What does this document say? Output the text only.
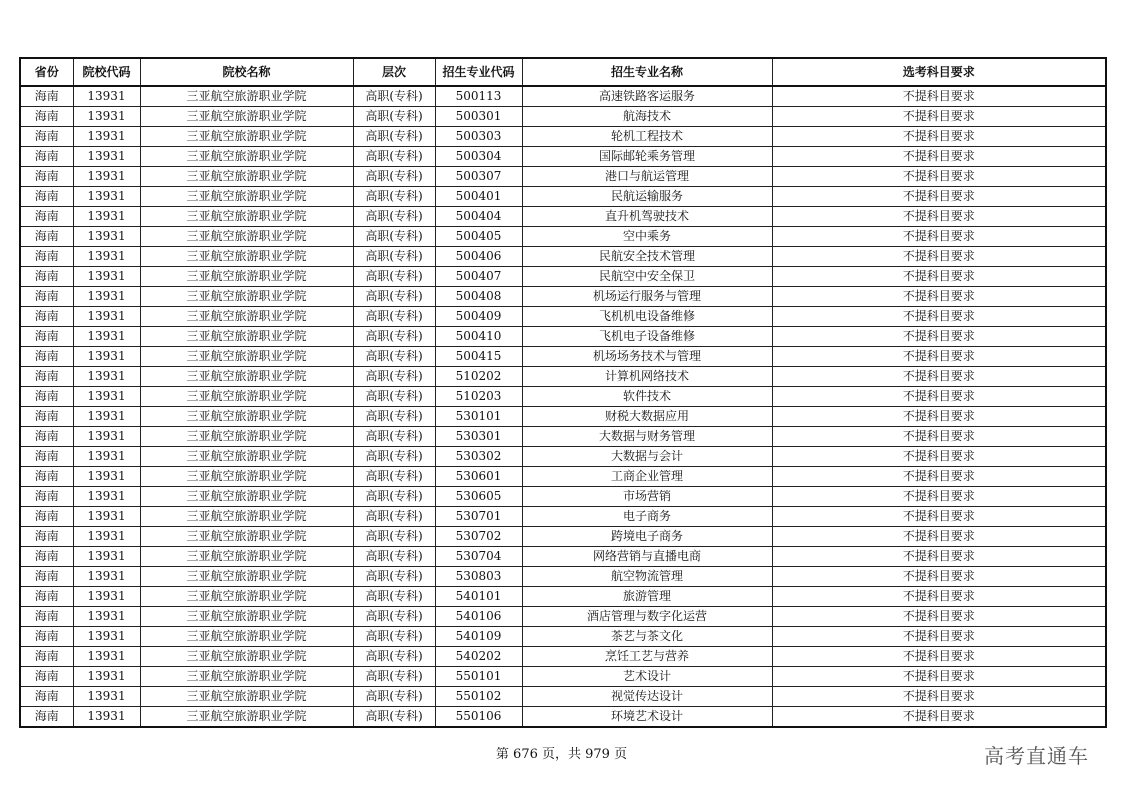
省份	院校代码	院校名称	层次	招生专业代码	招生专业名称	选考科目要求
海南	13931	三亚航空旅游职业学院	高职(专科)	500113	高速铁路客运服务	不提科目要求
海南	13931	三亚航空旅游职业学院	高职(专科)	500301	航海技术	不提科目要求
海南	13931	三亚航空旅游职业学院	高职(专科)	500303	轮机工程技术	不提科目要求
海南	13931	三亚航空旅游职业学院	高职(专科)	500304	国际邮轮乘务管理	不提科目要求
海南	13931	三亚航空旅游职业学院	高职(专科)	500307	港口与航运管理	不提科目要求
海南	13931	三亚航空旅游职业学院	高职(专科)	500401	民航运输服务	不提科目要求
海南	13931	三亚航空旅游职业学院	高职(专科)	500404	直升机驾驶技术	不提科目要求
海南	13931	三亚航空旅游职业学院	高职(专科)	500405	空中乘务	不提科目要求
海南	13931	三亚航空旅游职业学院	高职(专科)	500406	民航安全技术管理	不提科目要求
海南	13931	三亚航空旅游职业学院	高职(专科)	500407	民航空中安全保卫	不提科目要求
海南	13931	三亚航空旅游职业学院	高职(专科)	500408	机场运行服务与管理	不提科目要求
海南	13931	三亚航空旅游职业学院	高职(专科)	500409	飞机机电设备维修	不提科目要求
海南	13931	三亚航空旅游职业学院	高职(专科)	500410	飞机电子设备维修	不提科目要求
海南	13931	三亚航空旅游职业学院	高职(专科)	500415	机场场务技术与管理	不提科目要求
海南	13931	三亚航空旅游职业学院	高职(专科)	510202	计算机网络技术	不提科目要求
海南	13931	三亚航空旅游职业学院	高职(专科)	510203	软件技术	不提科目要求
海南	13931	三亚航空旅游职业学院	高职(专科)	530101	财税大数据应用	不提科目要求
海南	13931	三亚航空旅游职业学院	高职(专科)	530301	大数据与财务管理	不提科目要求
海南	13931	三亚航空旅游职业学院	高职(专科)	530302	大数据与会计	不提科目要求
海南	13931	三亚航空旅游职业学院	高职(专科)	530601	工商企业管理	不提科目要求
海南	13931	三亚航空旅游职业学院	高职(专科)	530605	市场营销	不提科目要求
海南	13931	三亚航空旅游职业学院	高职(专科)	530701	电子商务	不提科目要求
海南	13931	三亚航空旅游职业学院	高职(专科)	530702	跨境电子商务	不提科目要求
海南	13931	三亚航空旅游职业学院	高职(专科)	530704	网络营销与直播电商	不提科目要求
海南	13931	三亚航空旅游职业学院	高职(专科)	530803	航空物流管理	不提科目要求
海南	13931	三亚航空旅游职业学院	高职(专科)	540101	旅游管理	不提科目要求
海南	13931	三亚航空旅游职业学院	高职(专科)	540106	酒店管理与数字化运营	不提科目要求
海南	13931	三亚航空旅游职业学院	高职(专科)	540109	茶艺与茶文化	不提科目要求
海南	13931	三亚航空旅游职业学院	高职(专科)	540202	烹饪工艺与营养	不提科目要求
海南	13931	三亚航空旅游职业学院	高职(专科)	550101	艺术设计	不提科目要求
海南	13931	三亚航空旅游职业学院	高职(专科)	550102	视觉传达设计	不提科目要求
海南	13931	三亚航空旅游职业学院	高职(专科)	550106	环境艺术设计	不提科目要求
第 676 页，共 979 页	高考直通车
